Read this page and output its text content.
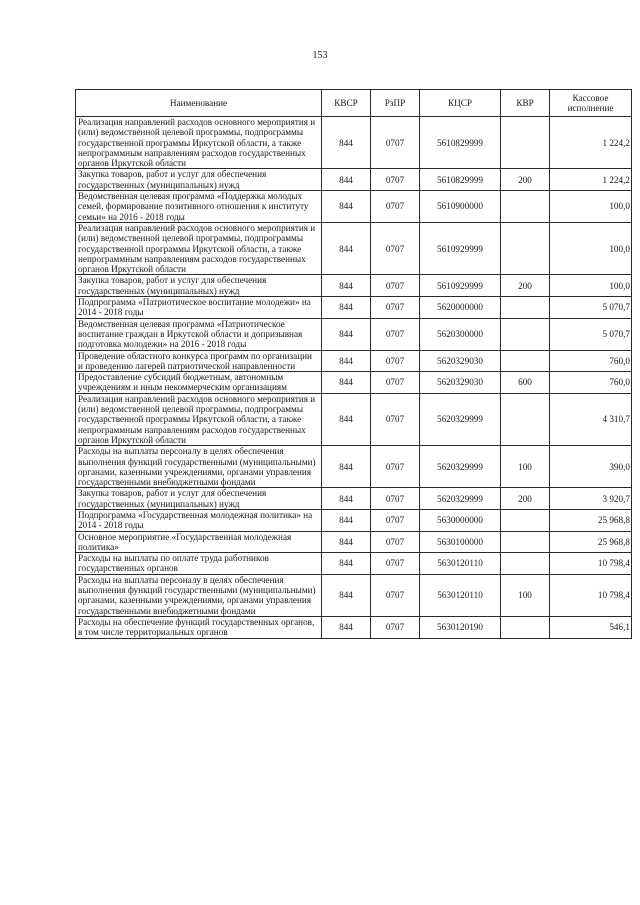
153
Наименование	КВСР	РзПР	КЦСР	КВР	Кассовое исполнение
Реализация направлений расходов основного мероприятия и (или) ведомственной целевой программы, подпрограммы государственной программы Иркутской области, а также непрограммным направлениям расходов государственных органов Иркутской области	844	0707	5610829999		1 224,2
Закупка товаров, работ и услуг для обеспечения государственных (муниципальных) нужд	844	0707	5610829999	200	1 224,2
Ведомственная целевая программа «Поддержка молодых семей, формирование позитивного отношения к институту семьи» на 2016 - 2018 годы	844	0707	5610900000		100,0
Реализация направлений расходов основного мероприятия и (или) ведомственной целевой программы, подпрограммы государственной программы Иркутской области, а также непрограммным направлениям расходов государственных органов Иркутской области	844	0707	5610929999		100,0
Закупка товаров, работ и услуг для обеспечения государственных (муниципальных) нужд	844	0707	5610929999	200	100,0
Подпрограмма «Патриотическое воспитание молодежи» на 2014 - 2018 годы	844	0707	5620000000		5 070,7
Ведомственная целевая программа «Патриотическое воспитание граждан в Иркутской области и допризывная подготовка молодежи» на 2016 - 2018 годы	844	0707	5620300000		5 070,7
Проведение областного конкурса программ по организации и проведению лагерей патриотической направленности	844	0707	5620329030		760,0
Предоставление субсидий бюджетным, автономным учреждениям и иным некоммерческим организациям	844	0707	5620329030	600	760,0
Реализация направлений расходов основного мероприятия и (или) ведомственной целевой программы, подпрограммы государственной программы Иркутской области, а также непрограммным направлениям расходов государственных органов Иркутской области	844	0707	5620329999		4 310,7
Расходы на выплаты персоналу в целях обеспечения выполнения функций государственными (муниципальными) органами, казенными учреждениями, органами управления государственными внебюджетными фондами	844	0707	5620329999	100	390,0
Закупка товаров, работ и услуг для обеспечения государственных (муниципальных) нужд	844	0707	5620329999	200	3 920,7
Подпрограмма «Государственная молодежная политика» на 2014 - 2018 годы	844	0707	5630000000		25 968,8
Основное мероприятие «Государственная молодежная политика»	844	0707	5630100000		25 968,8
Расходы на выплаты по оплате труда работников государственных органов	844	0707	5630120110		10 798,4
Расходы на выплаты персоналу в целях обеспечения выполнения функций государственными (муниципальными) органами, казенными учреждениями, органами управления государственными внебюджетными фондами	844	0707	5630120110	100	10 798,4
Расходы на обеспечение функций государственных органов, в том числе территориальных органов	844	0707	5630120190		546,1
